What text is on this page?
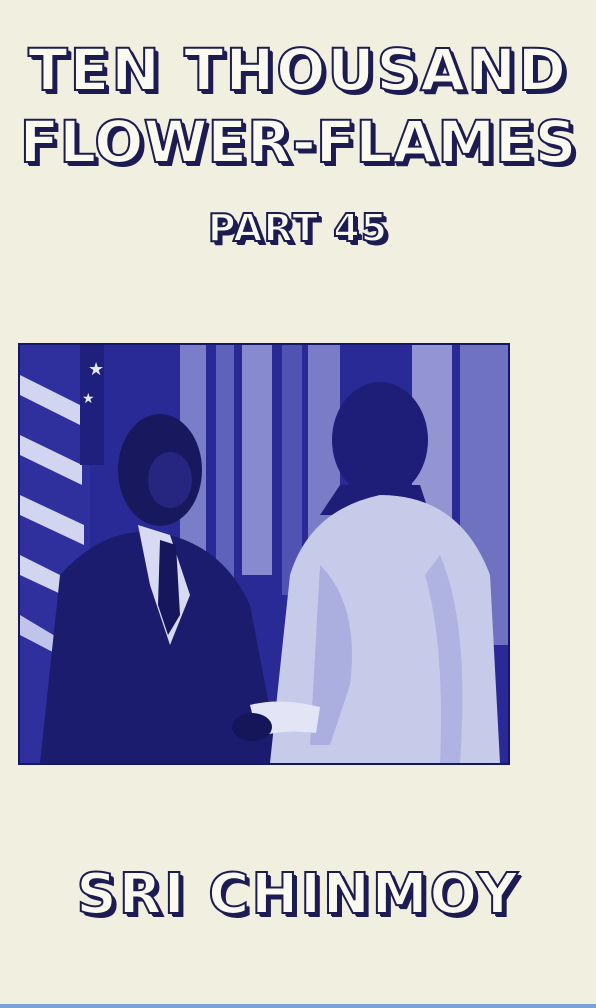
TEN THOUSAND
FLOWER-FLAMES
PART 45
★
★
SRI CHINMOY
